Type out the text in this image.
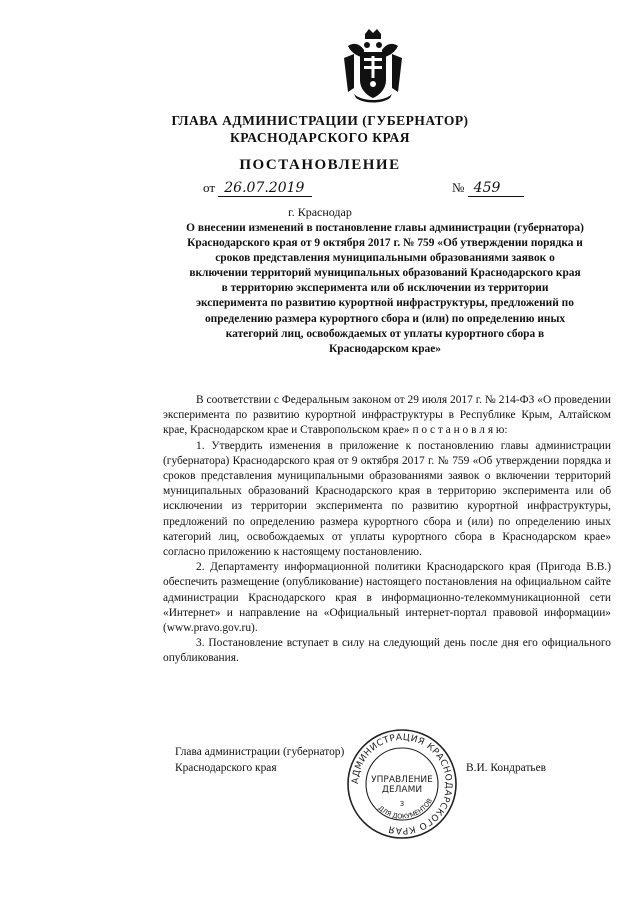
ГЛАВА АДМИНИСТРАЦИИ (ГУБЕРНАТОР)
КРАСНОДАРСКОГО КРАЯ
ПОСТАНОВЛЕНИЕ
от 26.07.2019	№ 459
г. Краснодар
О внесении изменений в постановление главы администрации (губернатора) Краснодарского края от 9 октября 2017 г. № 759 «Об утверждении порядка и сроков представления муниципальными образованиями заявок о включении территорий муниципальных образований Краснодарского края в территорию эксперимента или об исключении из территории эксперимента по развитию курортной инфраструктуры, предложений по определению размера курортного сбора и (или) по определению иных категорий лиц, освобождаемых от уплаты курортного сбора в Краснодарском крае»

В соответствии с Федеральным законом от 29 июля 2017 г. № 214-ФЗ «О проведении эксперимента по развитию курортной инфраструктуры в Республике Крым, Алтайском крае, Краснодарском крае и Ставропольском крае» п о с т а н о в л я ю:

1. Утвердить изменения в приложение к постановлению главы администрации (губернатора) Краснодарского края от 9 октября 2017 г. № 759 «Об утверждении порядка и сроков представления муниципальными образованиями заявок о включении территорий муниципальных образований Краснодарского края в территорию эксперимента или об исключении из территории эксперимента по развитию курортной инфраструктуры, предложений по определению размера курортного сбора и (или) по определению иных категорий лиц, освобождаемых от уплаты курортного сбора в Краснодарском крае» согласно приложению к настоящему постановлению.

2. Департаменту информационной политики Краснодарского края (Пригода В.В.) обеспечить размещение (опубликование) настоящего постановления на официальном сайте администрации Краснодарского края в информационно-телекоммуникационной сети «Интернет» и направление на «Официальный интернет-портал правовой информации» (www.pravo.gov.ru).

3. Постановление вступает в силу на следующий день после дня его официального опубликования.

Глава администрации (губернатор)
Краснодарского края	В.И. Кондратьев
АДМИНИСТРАЦИЯ КРАСНОДАРСКОГО КРАЯ
ДЛЯ ДОКУМЕНТОВ
УПРАВЛЕНИЕ
ДЕЛАМИ
3
